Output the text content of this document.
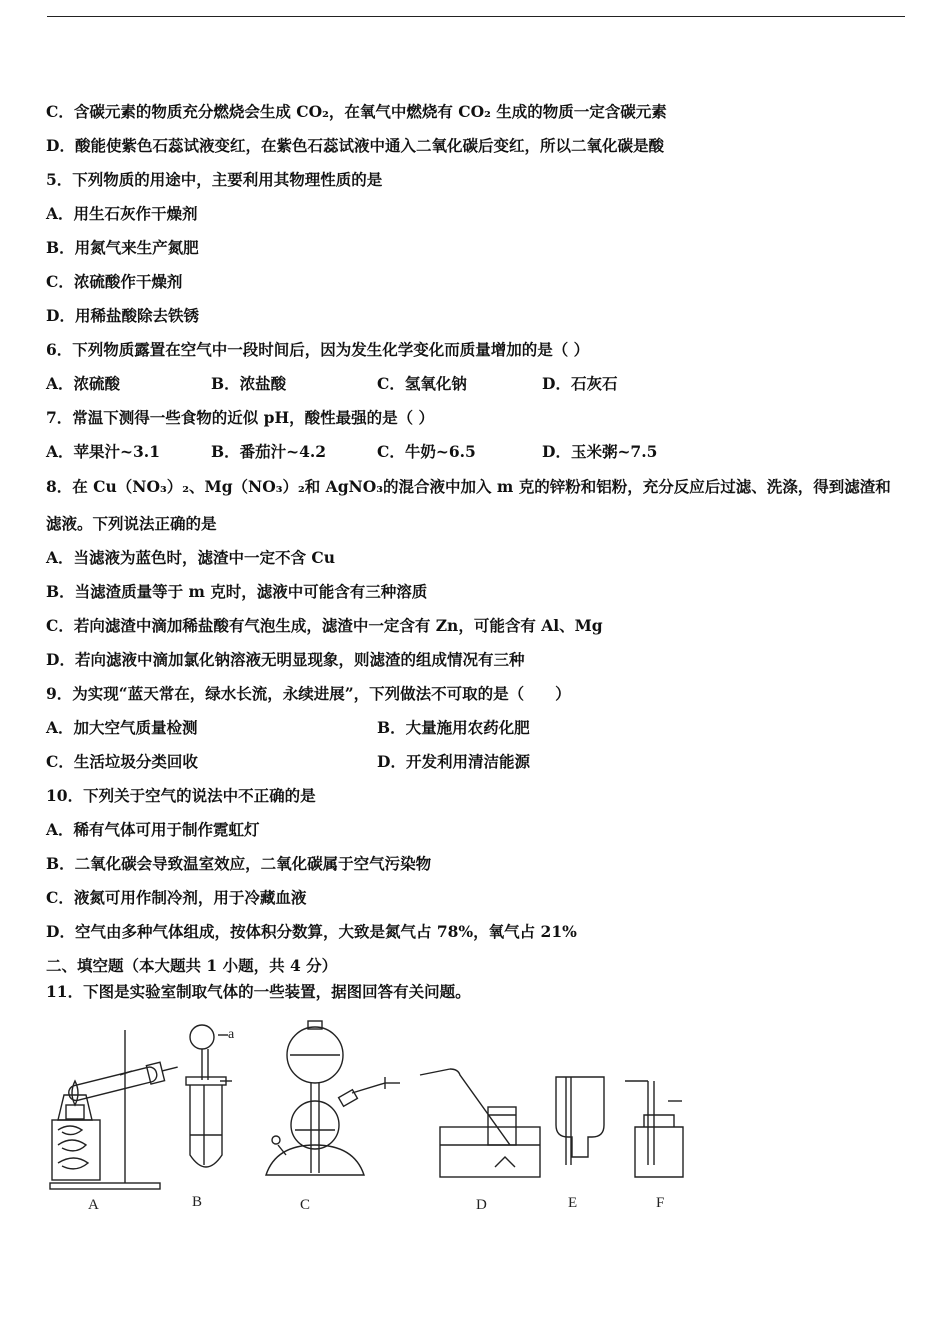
C．含碳元素的物质充分燃烧会生成 CO₂，在氧气中燃烧有 CO₂ 生成的物质一定含碳元素
D．酸能使紫色石蕊试液变红，在紫色石蕊试液中通入二氧化碳后变红，所以二氧化碳是酸
5．下列物质的用途中，主要利用其物理性质的是
A．用生石灰作干燥剂
B．用氮气来生产氮肥
C．浓硫酸作干燥剂
D．用稀盐酸除去铁锈
6．下列物质露置在空气中一段时间后，因为发生化学变化而质量增加的是（ ）
A．浓硫酸	B．浓盐酸	C．氢氧化钠	D．石灰石
7．常温下测得一些食物的近似 pH，酸性最强的是（ ）
A．苹果汁~3.1	B．番茄汁~4.2	C．牛奶~6.5	D．玉米粥~7.5
8．在 Cu（NO₃）₂、Mg（NO₃）₂和 AgNO₃的混合液中加入 m 克的锌粉和铝粉，充分反应后过滤、洗涤，得到滤渣和
滤液。下列说法正确的是
A．当滤液为蓝色时，滤渣中一定不含 Cu
B．当滤渣质量等于 m 克时，滤液中可能含有三种溶质
C．若向滤渣中滴加稀盐酸有气泡生成，滤渣中一定含有 Zn，可能含有 Al、Mg
D．若向滤液中滴加氯化钠溶液无明显现象，则滤渣的组成情况有三种
9．为实现“蓝天常在，绿水长流，永续进展”，下列做法不可取的是（　　）
A．加大空气质量检测	B．大量施用农药化肥
C．生活垃圾分类回收	D．开发利用清洁能源
10．下列关于空气的说法中不正确的是
A．稀有气体可用于制作霓虹灯
B．二氧化碳会导致温室效应，二氧化碳属于空气污染物
C．液氮可用作制冷剂，用于冷藏血液
D．空气由多种气体组成，按体积分数算，大致是氮气占 78%，氧气占 21%
二、填空题（本大题共 1 小题，共 4 分）
11．下图是实验室制取气体的一些装置，据图回答有关问题。
A	B	C	D	E	F
a
